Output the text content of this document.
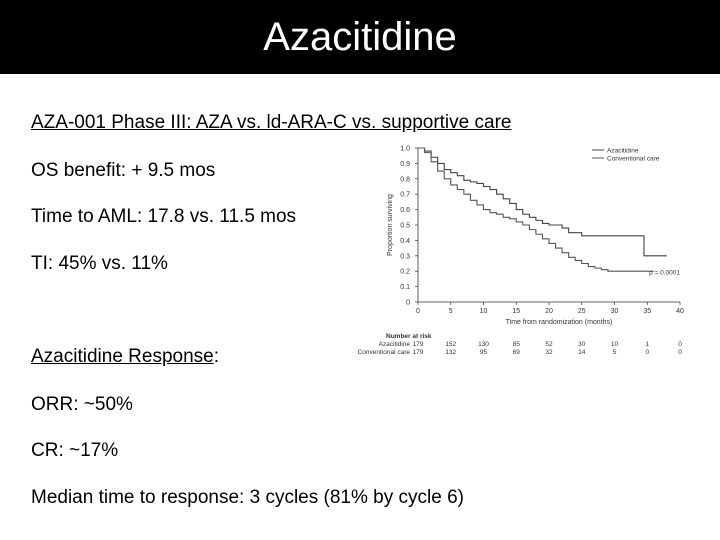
Azacitidine
AZA-001 Phase III: AZA vs. ld-ARA-C vs. supportive care
OS benefit: + 9.5 mos
Time to AML: 17.8 vs. 11.5 mos
TI: 45% vs. 11%
Azacitidine Response:
ORR: ~50%
CR: ~17%
Median time to response: 3 cycles (81% by cycle 6)
0
0.1
0.2
0.3
0.4
0.5
0.6
0.7
0.8
0.9
1.0
0	5	10	15	20	25	30	35	40
Proportion surviving
Time from randomization (months)
Azacitidine
Conventional care
p = 0.0001
Number at risk
Azacitidine 179	152	130	85	52	30	10	1	0
Conventional care 179	132	95	69	32	14	5	0	0
